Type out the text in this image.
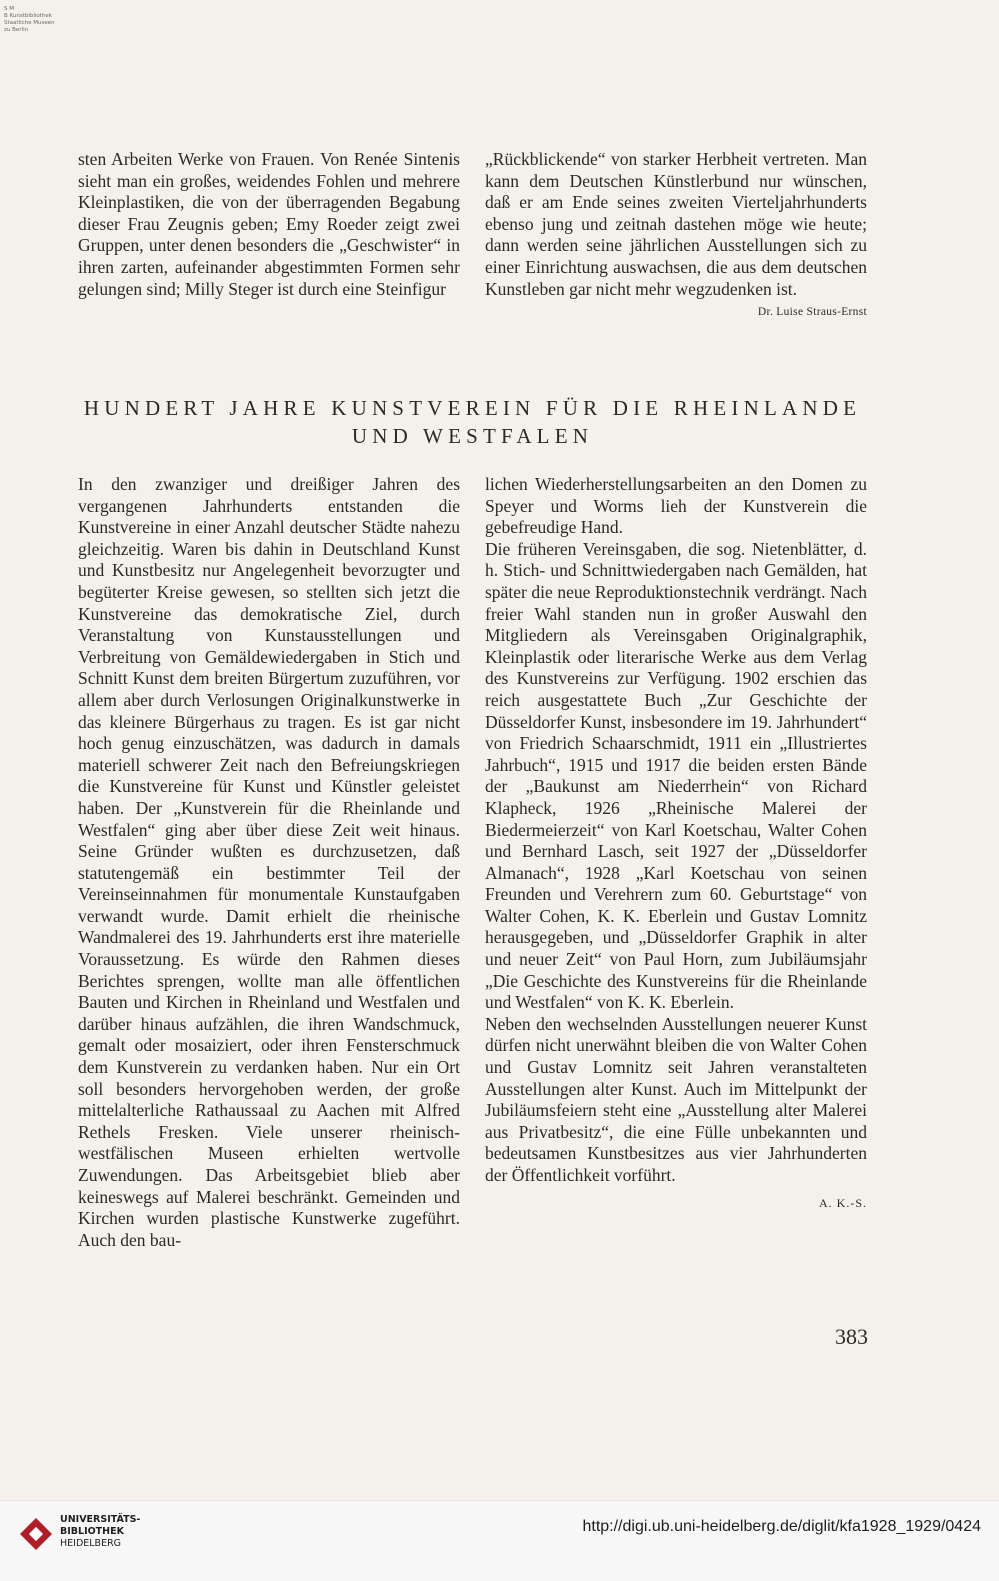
S M
B Kunstbibliothek
Staatliche Museen
zu Berlin

sten Arbeiten Werke von Frauen. Von Renée Sintenis sieht man ein großes, weidendes Fohlen und mehrere Kleinplastiken, die von der überragenden Begabung dieser Frau Zeugnis geben; Emy Roeder zeigt zwei Gruppen, unter denen besonders die „Geschwister“ in ihren zarten, aufeinander abgestimmten Formen sehr gelungen sind; Milly Steger ist durch eine Steinfigur

„Rückblickende“ von starker Herbheit vertreten. Man kann dem Deutschen Künstlerbund nur wünschen, daß er am Ende seines zweiten Vierteljahrhunderts ebenso jung und zeitnah dastehen möge wie heute; dann werden seine jährlichen Ausstellungen sich zu einer Einrichtung auswachsen, die aus dem deutschen Kunstleben gar nicht mehr wegzudenken ist.

Dr. Luise Straus-Ernst
HUNDERT JAHRE KUNSTVEREIN FÜR DIE RHEINLANDE
UND WESTFALEN

In den zwanziger und dreißiger Jahren des vergangenen Jahrhunderts entstanden die Kunstvereine in einer Anzahl deutscher Städte nahezu gleichzeitig. Waren bis dahin in Deutschland Kunst und Kunstbesitz nur Angelegenheit bevorzugter und begüterter Kreise gewesen, so stellten sich jetzt die Kunstvereine das demokratische Ziel, durch Veranstaltung von Kunstausstellungen und Verbreitung von Gemäldewiedergaben in Stich und Schnitt Kunst dem breiten Bürgertum zuzuführen, vor allem aber durch Verlosungen Originalkunstwerke in das kleinere Bürgerhaus zu tragen. Es ist gar nicht hoch genug einzuschätzen, was dadurch in damals materiell schwerer Zeit nach den Befreiungskriegen die Kunstvereine für Kunst und Künstler geleistet haben. Der „Kunstverein für die Rheinlande und Westfalen“ ging aber über diese Zeit weit hinaus. Seine Gründer wußten es durchzusetzen, daß statutengemäß ein bestimmter Teil der Vereinseinnahmen für monumentale Kunstaufgaben verwandt wurde. Damit erhielt die rheinische Wandmalerei des 19. Jahrhunderts erst ihre materielle Voraussetzung. Es würde den Rahmen dieses Berichtes sprengen, wollte man alle öffentlichen Bauten und Kirchen in Rheinland und Westfalen und darüber hinaus aufzählen, die ihren Wandschmuck, gemalt oder mosaiziert, oder ihren Fensterschmuck dem Kunstverein zu verdanken haben. Nur ein Ort soll besonders hervorgehoben werden, der große mittelalterliche Rathaussaal zu Aachen mit Alfred Rethels Fresken. Viele unserer rheinisch-westfälischen Museen erhielten wertvolle Zuwendungen. Das Arbeitsgebiet blieb aber keineswegs auf Malerei beschränkt. Gemeinden und Kirchen wurden plastische Kunstwerke zugeführt. Auch den bau-

lichen Wiederherstellungsarbeiten an den Domen zu Speyer und Worms lieh der Kunstverein die gebefreudige Hand.

Die früheren Vereinsgaben, die sog. Nietenblätter, d. h. Stich- und Schnittwiedergaben nach Gemälden, hat später die neue Reproduktionstechnik verdrängt. Nach freier Wahl standen nun in großer Auswahl den Mitgliedern als Vereinsgaben Originalgraphik, Kleinplastik oder literarische Werke aus dem Verlag des Kunstvereins zur Verfügung. 1902 erschien das reich ausgestattete Buch „Zur Geschichte der Düsseldorfer Kunst, insbesondere im 19. Jahrhundert“ von Friedrich Schaarschmidt, 1911 ein „Illustriertes Jahrbuch“, 1915 und 1917 die beiden ersten Bände der „Baukunst am Niederrhein“ von Richard Klapheck, 1926 „Rheinische Malerei der Biedermeierzeit“ von Karl Koetschau, Walter Cohen und Bernhard Lasch, seit 1927 der „Düsseldorfer Almanach“, 1928 „Karl Koetschau von seinen Freunden und Verehrern zum 60. Geburtstage“ von Walter Cohen, K. K. Eberlein und Gustav Lomnitz herausgegeben, und „Düsseldorfer Graphik in alter und neuer Zeit“ von Paul Horn, zum Jubiläumsjahr „Die Geschichte des Kunstvereins für die Rheinlande und Westfalen“ von K. K. Eberlein.

Neben den wechselnden Ausstellungen neuerer Kunst dürfen nicht unerwähnt bleiben die von Walter Cohen und Gustav Lomnitz seit Jahren veranstalteten Ausstellungen alter Kunst. Auch im Mittelpunkt der Jubiläumsfeiern steht eine „Ausstellung alter Malerei aus Privatbesitz“, die eine Fülle unbekannten und bedeutsamen Kunstbesitzes aus vier Jahrhunderten der Öffentlichkeit vorführt.

A. K.-S.
383
UNIVERSITÄTS-
BIBLIOTHEK
HEIDELBERG
http://digi.ub.uni-heidelberg.de/diglit/kfa1928_1929/0424
